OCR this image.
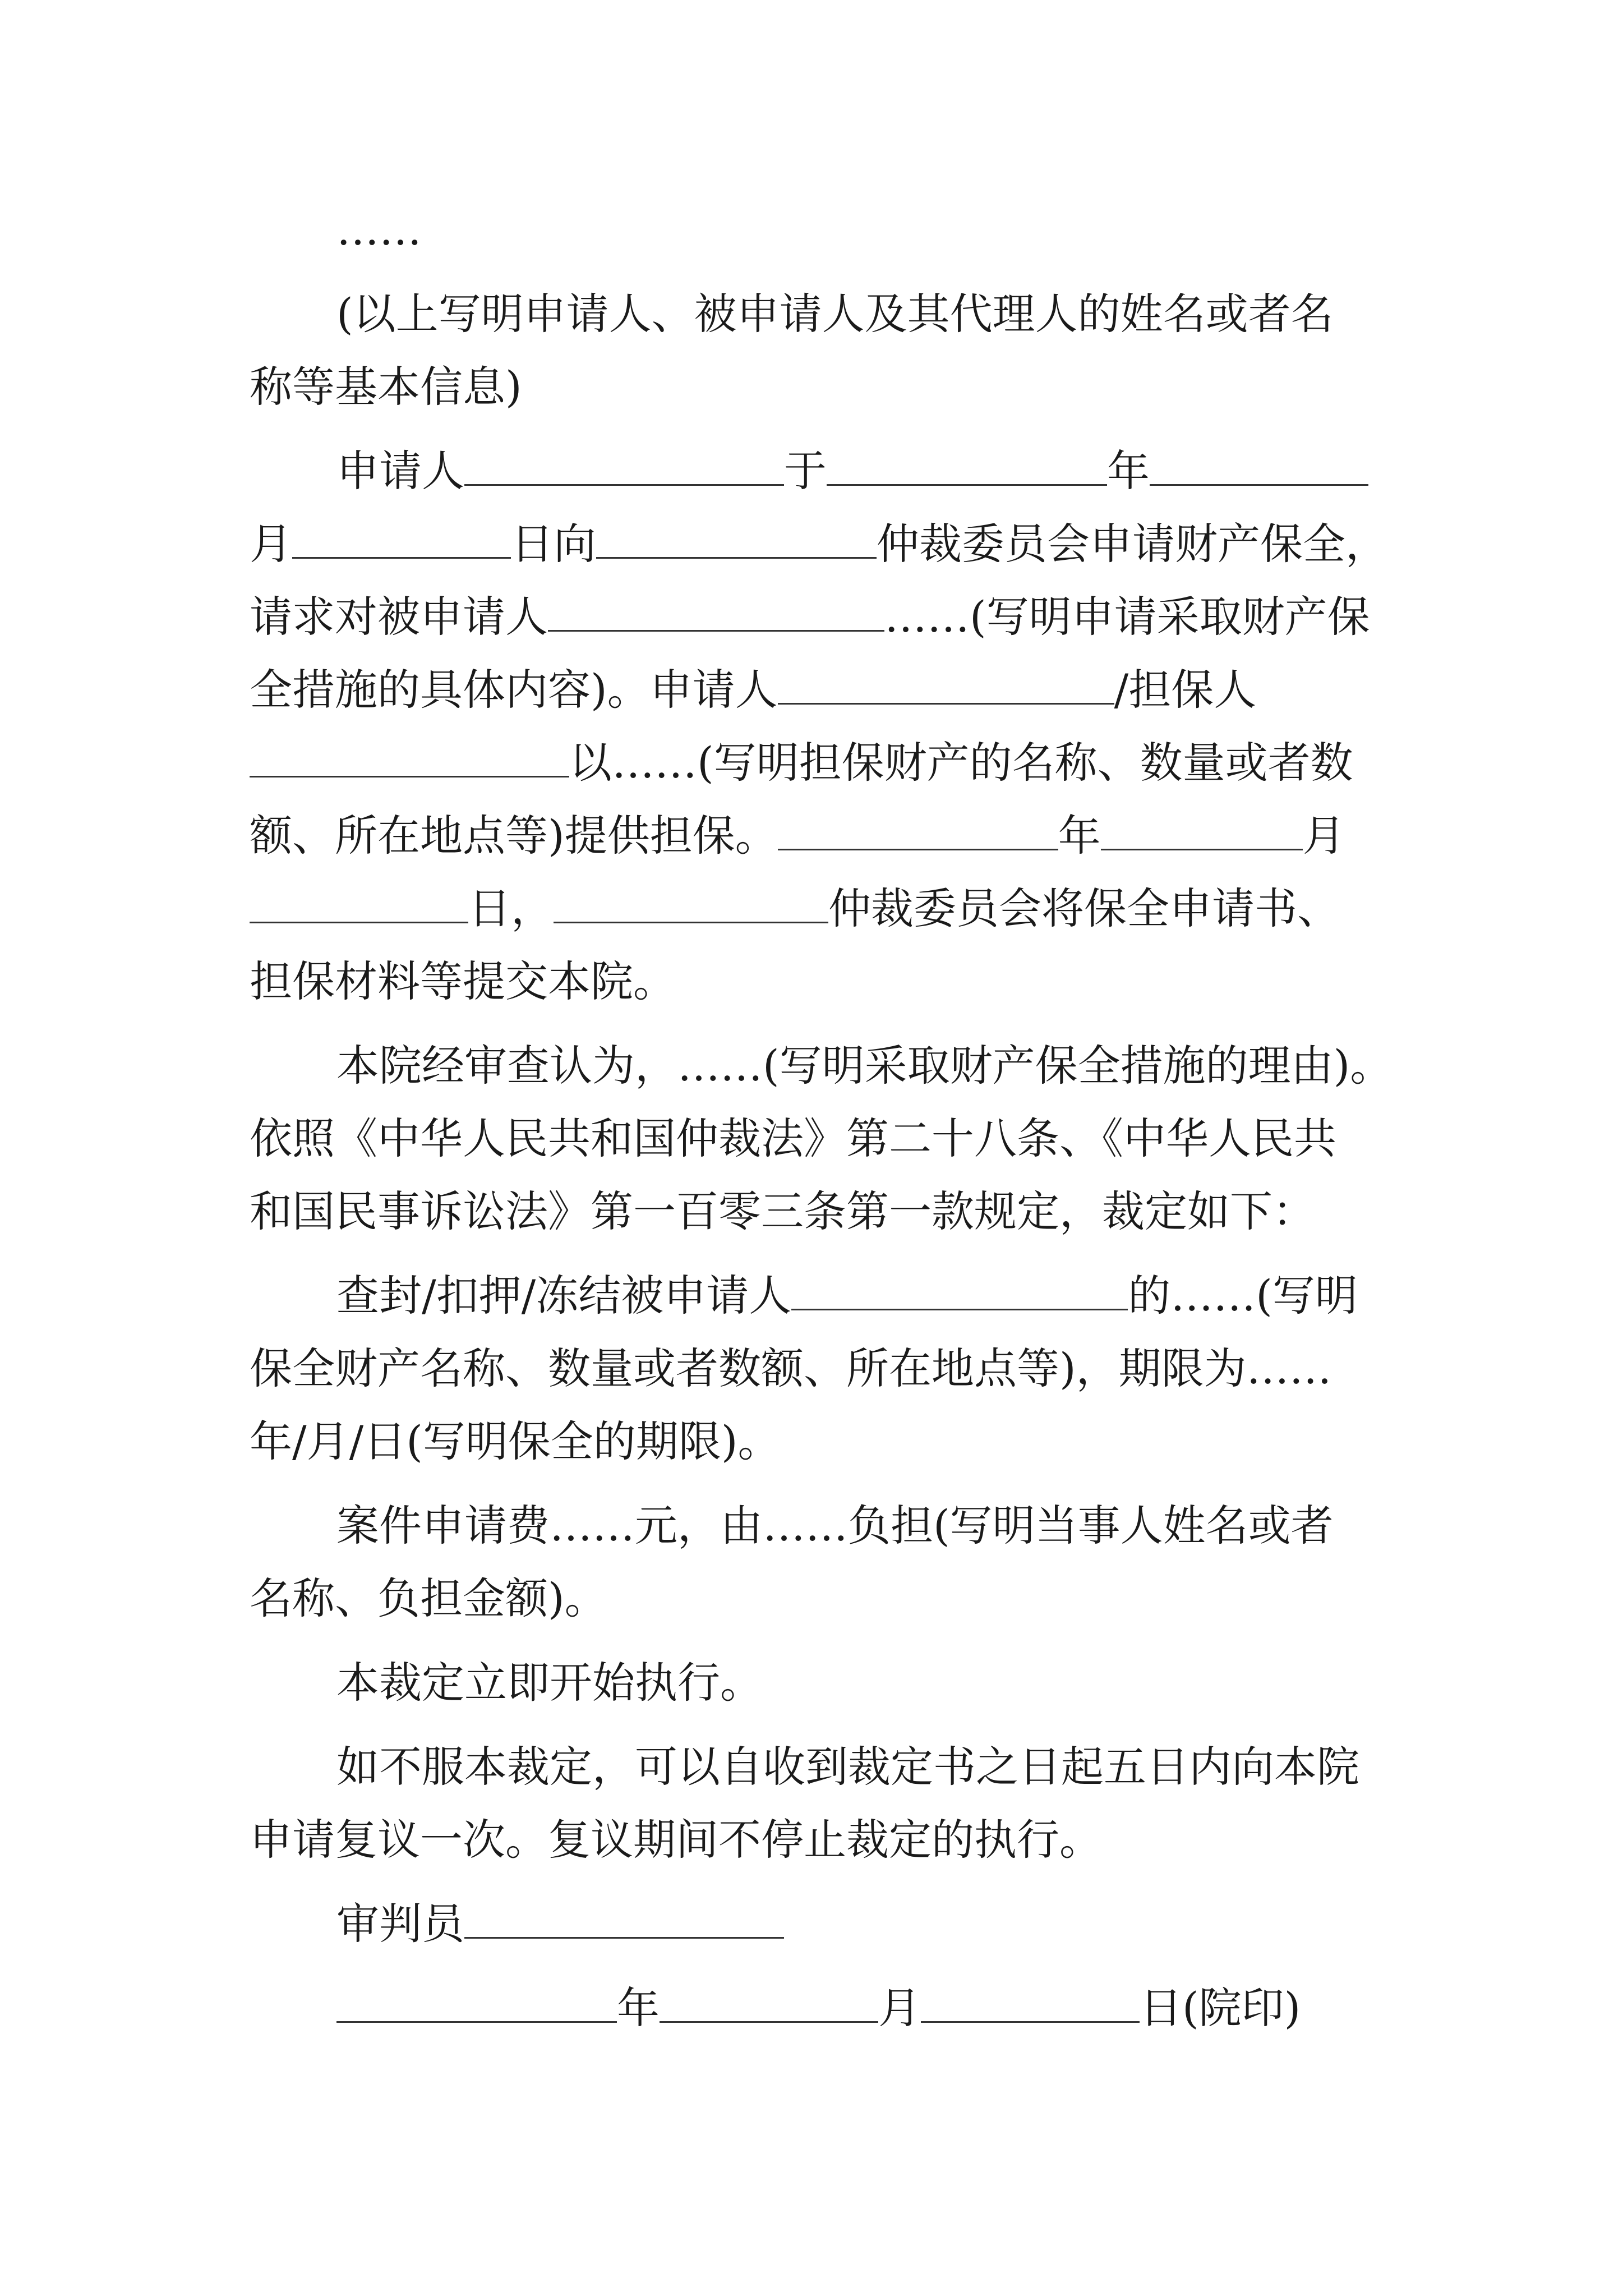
……
(以上写明申请人、被申请人及其代理人的姓名或者名
称等基本信息)
申请人	于	年
月	日向	仲裁委员会申请财产保全，
请求对被申请人	……(写明申请采取财产保
全措施的具体内容)。申请人	/担保人
以……(写明担保财产的名称、数量或者数
额、所在地点等)提供担保。	年	月
日，	仲裁委员会将保全申请书、
担保材料等提交本院。
本院经审查认为，……(写明采取财产保全措施的理由)。
依照《中华人民共和国仲裁法》第二十八条、《中华人民共
和国民事诉讼法》第一百零三条第一款规定，裁定如下：
查封/扣押/冻结被申请人	的……(写明
保全财产名称、数量或者数额、所在地点等)，期限为……
年/月/日(写明保全的期限)。
案件申请费……元，由……负担(写明当事人姓名或者
名称、负担金额)。
本裁定立即开始执行。
如不服本裁定，可以自收到裁定书之日起五日内向本院
申请复议一次。复议期间不停止裁定的执行。
审判员
年	月	日(院印)
